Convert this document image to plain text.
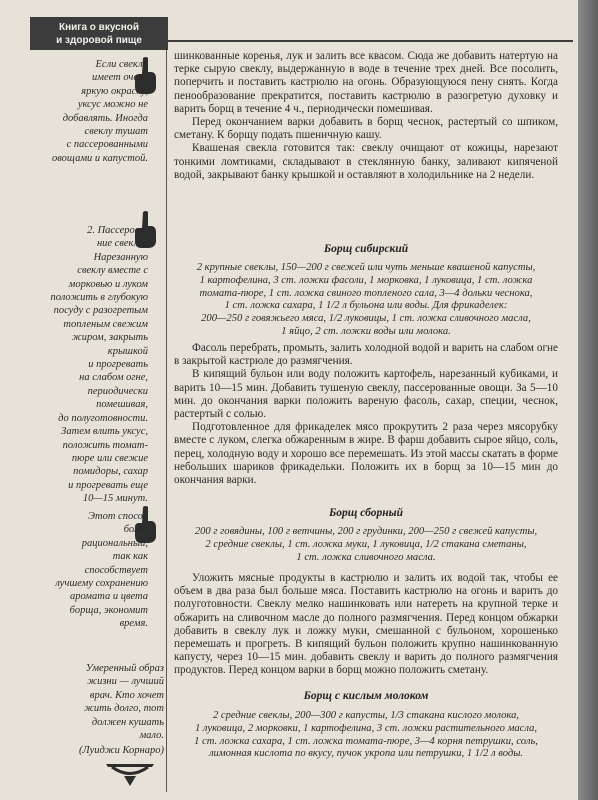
Книга о вкусной
и здоровой пище
Если свекла
имеет очень
яркую окраску,
уксус можно не
добавлять. Иногда
свеклу тушат
с пассерованными
овощами и капустой.
2. Пассерова-
ние свеклы.
Нарезанную
свеклу вместе с
морковью и луком
положить в глубокую
посуду с разогретым
топленым свежим
жиром, закрыть
крышкой
и прогревать
на слабом огне,
периодически
помешивая,
до полуготовности.
Затем влить уксус,
положить томат-
пюре или свежие
помидоры, сахар
и прогревать еще
10—15 минут.
Этот способ
более
рациональный,
так как
способствует
лучшему сохранению
аромата и цвета
борща, экономит
время.
Умеренный образ
жизни — лучший
врач. Кто хочет
жить долго, тот
должен кушать
мало.
(Луиджи Корнаро)

шинкованные коренья, лук и залить все квасом. Сюда же добавить натертую на терке сырую свеклу, выдержанную в воде в течение трех дней. Все посолить, поперчить и поставить кастрюлю на огонь. Образующуюся пену снять. Когда пенообразование прекратится, поставить кастрюлю в разогретую духовку и варить борщ в течение 4 ч., периодически помешивая.

Перед окончанием варки добавить в борщ чеснок, растертый со шпиком, сметану. К борщу подать пшеничную кашу.

Квашеная свекла готовится так: свеклу очищают от кожицы, нарезают тонкими ломтиками, складывают в стеклянную банку, заливают кипяченой водой, закрывают банку крышкой и оставляют в холодильнике на 2 недели.

Борщ сибирский
2 крупные свеклы, 150—200 г свежей или чуть меньше квашеной капусты,
1 картофелина, 3 ст. ложки фасоли, 1 морковка, 1 луковица, 1 ст. ложка
томата-пюре, 1 ст. ложка свиного топленого сала, 3—4 дольки чеснока,
1 ст. ложка сахара, 1 1/2 л бульона или воды. Для фрикаделек:
200—250 г говяжьего мяса, 1/2 луковицы, 1 ст. ложка сливочного масла,
1 яйцо, 2 ст. ложки воды или молока.

Фасоль перебрать, промыть, залить холодной водой и варить на слабом огне в закрытой кастрюле до размягчения.

В кипящий бульон или воду положить картофель, нарезанный кубиками, и варить 10—15 мин. Добавить тушеную свеклу, пассерованные овощи. За 5—10 мин. до окончания варки положить вареную фасоль, сахар, специи, чеснок, растертый с солью.

Подготовленное для фрикаделек мясо прокрутить 2 раза через мясорубку вместе с луком, слегка обжаренным в жире. В фарш добавить сырое яйцо, соль, перец, холодную воду и хорошо все перемешать. Из этой массы скатать в форме небольших шариков фрикадельки. Положить их в борщ за 10—15 мин до окончания варки.

Борщ сборный
200 г говядины, 100 г ветчины, 200 г грудинки, 200—250 г свежей капусты,
2 средние свеклы, 1 ст. ложка муки, 1 луковица, 1/2 стакана сметаны,
1 ст. ложка сливочного масла.

Уложить мясные продукты в кастрюлю и залить их водой так, чтобы ее объем в два раза был больше мяса. Поставить кастрюлю на огонь и варить до полуготовности. Свеклу мелко нашинковать или натереть на крупной терке и обжарить на сливочном масле до полного размягчения. Перед концом обжарки добавить в свеклу лук и ложку муки, смешанной с бульоном, хорошенько перемешать и прогреть. В кипящий бульон положить крупно нашинкованную капусту, через 10—15 мин. добавить свеклу и варить до полного размягчения продуктов. Перед концом варки в борщ можно положить сметану.

Борщ с кислым молоком
2 средние свеклы, 200—300 г капусты, 1/3 стакана кислого молока,
1 луковица, 2 морковки, 1 картофелина, 3 ст. ложки растительного масла,
1 ст. ложка сахара, 1 ст. ложка томата-пюре, 3—4 корня петрушки, соль,
лимонная кислота по вкусу, пучок укропа или петрушки, 1 1/2 л воды.
